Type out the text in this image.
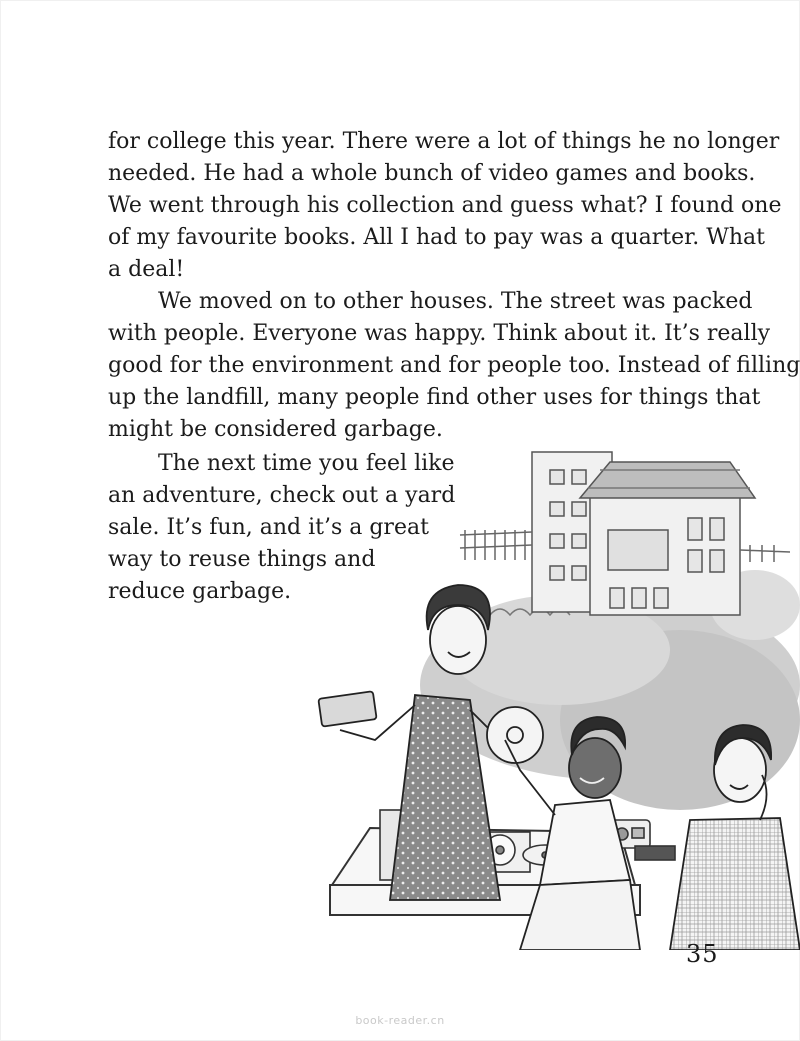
for college this year. There were a lot of things he no longer
needed. He had a whole bunch of video games and books.
We went through his collection and guess what? I found one
of my favourite books. All I had to pay was a quarter. What
a deal!
We moved on to other houses. The street was packed
with people. Everyone was happy. Think about it. It’s really
good for the environment and for people too. Instead of filling
up the landfill, many people find other uses for things that
might be considered garbage.
The next time you feel like
an adventure, check out a yard
sale. It’s fun, and it’s a great
way to reuse things and
reduce garbage.
35
book-reader.cn
